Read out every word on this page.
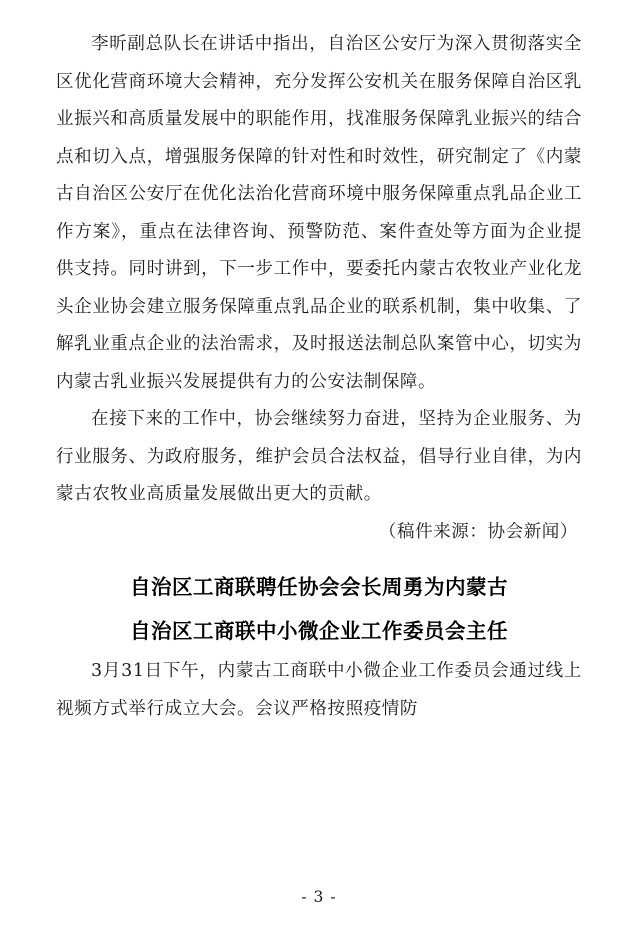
李昕副总队长在讲话中指出，自治区公安厅为深入贯彻落实全区优化营商环境大会精神，充分发挥公安机关在服务保障自治区乳业振兴和高质量发展中的职能作用，找准服务保障乳业振兴的结合点和切入点，增强服务保障的针对性和时效性，研究制定了《内蒙古自治区公安厅在优化法治化营商环境中服务保障重点乳品企业工作方案》，重点在法律咨询、预警防范、案件查处等方面为企业提供支持。同时讲到，下一步工作中，要委托内蒙古农牧业产业化龙头企业协会建立服务保障重点乳品企业的联系机制，集中收集、了解乳业重点企业的法治需求，及时报送法制总队案管中心，切实为内蒙古乳业振兴发展提供有力的公安法制保障。

在接下来的工作中，协会继续努力奋进，坚持为企业服务、为行业服务、为政府服务，维护会员合法权益，倡导行业自律，为内蒙古农牧业高质量发展做出更大的贡献。

（稿件来源：协会新闻）

自治区工商联聘任协会会长周勇为内蒙古
自治区工商联中小微企业工作委员会主任

3月31日下午，内蒙古工商联中小微企业工作委员会通过线上视频方式举行成立大会。会议严格按照疫情防

- 3 -
